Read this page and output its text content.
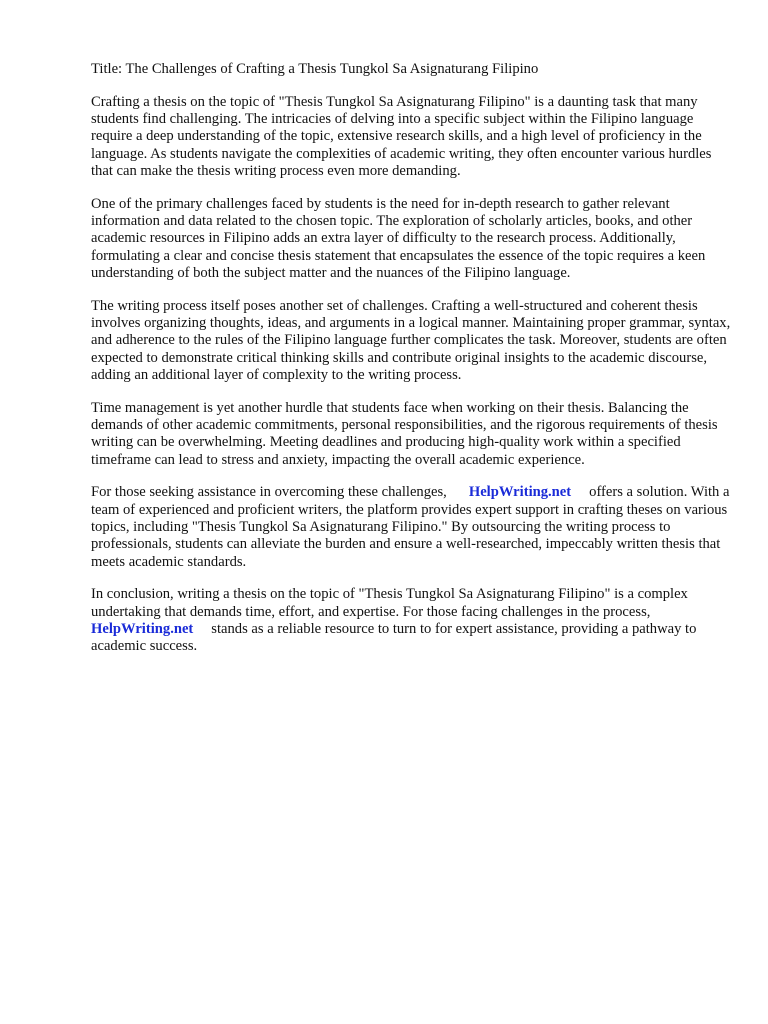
Title: The Challenges of Crafting a Thesis Tungkol Sa Asignaturang Filipino

Crafting a thesis on the topic of "Thesis Tungkol Sa Asignaturang Filipino" is a daunting task that many students find challenging. The intricacies of delving into a specific subject within the Filipino language require a deep understanding of the topic, extensive research skills, and a high level of proficiency in the language. As students navigate the complexities of academic writing, they often encounter various hurdles that can make the thesis writing process even more demanding.

One of the primary challenges faced by students is the need for in-depth research to gather relevant information and data related to the chosen topic. The exploration of scholarly articles, books, and other academic resources in Filipino adds an extra layer of difficulty to the research process. Additionally, formulating a clear and concise thesis statement that encapsulates the essence of the topic requires a keen understanding of both the subject matter and the nuances of the Filipino language.

The writing process itself poses another set of challenges. Crafting a well-structured and coherent thesis involves organizing thoughts, ideas, and arguments in a logical manner. Maintaining proper grammar, syntax, and adherence to the rules of the Filipino language further complicates the task. Moreover, students are often expected to demonstrate critical thinking skills and contribute original insights to the academic discourse, adding an additional layer of complexity to the writing process.

Time management is yet another hurdle that students face when working on their thesis. Balancing the demands of other academic commitments, personal responsibilities, and the rigorous requirements of thesis writing can be overwhelming. Meeting deadlines and producing high-quality work within a specified timeframe can lead to stress and anxiety, impacting the overall academic experience.

For those seeking assistance in overcoming these challenges, HelpWriting.net offers a solution. With a team of experienced and proficient writers, the platform provides expert support in crafting theses on various topics, including "Thesis Tungkol Sa Asignaturang Filipino." By outsourcing the writing process to professionals, students can alleviate the burden and ensure a well-researched, impeccably written thesis that meets academic standards.

In conclusion, writing a thesis on the topic of "Thesis Tungkol Sa Asignaturang Filipino" is a complex undertaking that demands time, effort, and expertise. For those facing challenges in the process, HelpWriting.net stands as a reliable resource to turn to for expert assistance, providing a pathway to academic success.
